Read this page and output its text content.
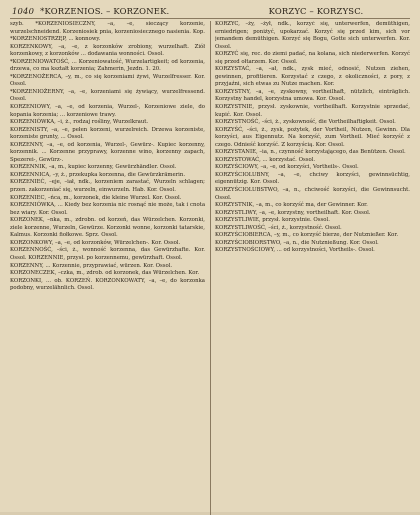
1040 *KORZENIOS. – KORZONEK.	KORZYC – KORZYSC.

szyb. *KORZENIOSIECZNY, –a, –e, sieczący korzenie, wurzelschneidend. Korzeniosiek pnia, korzeniosiecznego nasienia. Kop. *KORZENIOSTRZĘP, ... konnowy.

KORZENKOWY, –a, –e, z korzonków zrobiony, wurzelhaft. Ziół korzenkowy, z korzonków ... dodawania wonności. Ossol.

*KORZENIOWATOŚĆ, ... Korzeniowatość, Wurzelartigkeit; od korzenia, drzewa, co ma kształt korzenia; Zahmerin, Jezdn. 1. 20.

*KORZENOŻERCA, –y, m., co się korzeniami żywi, Wurzelfresser. Kor. Ossol.

*KORZENIOŻERNY, –a, –e, korzeniami się żywiący, wurzelfressend. Ossol.

KORZENIOWY, –a, –e, od korzenia, Wurzel-, Korzeniowe ziele, do kopania korzenia; ... korzeniowe trawy.

KORZENIÓWKA, –i, ż., rodzaj rośliny, Wurzelkraut.

KORZENISTY, –a, –e, pełen korzeni, wurzelreich. Drzewa korzeniste, korzeniste grunty, ... Ossol.

KORZENNY, –a, –e, od korzenia, Wurzel-, Gewürz-. Kupiec korzenny, korzennik. ... Korzenne przyprawy, korzenne wino, korzenny zapach, Spezerei-, Gewürz-.

KORZENNIK, –a, m., kupiec korzenny, Gewürzhändler. Ossol.

KORZENNICA, –y, ż., przekupka korzenna, die Gewürzkrämerin.

KORZENIEĆ, –eje, –iał, ndk., korzeniem zarastać, Wurzeln schlagen; przen. zakorzeniać się, wurzeln, einwurzeln. Hab. Kor. Ossol.

KORZENIEC, –ńca, m., korzonek, die kleine Wurzel. Kor. Ossol.

KORZENIÓWKA, ... Kiedy bez korzenia nic rosnąć nie może, tak i cnota bez wiary. Kor. Ossol.

KORZONEK, –nka, m., zdrobn. od korzeń, das Würzelchen. Korzonki, ziele korzenne, Wurzeln, Gewürze. Korzonki wonne, korzonki tatarskie, Kalmus. Korzonki fiołkowe. Sprz. Ossol.

KORZONKOWY, –a, –e, od korzonków, Würzelchen-. Kor. Ossol.

KORZENNOŚĆ, –ści, ż., wonność korzenna, das Gewürzhafte. Kor. Ossol. KORZENNIE, przysł. po korzennemu, gewürzhaft. Ossol.

KORZENNY, ... Korzennie, przyprawiać, würzen. Kor. Ossol.

KORZONECZEK, –czka, m., zdrob. od korzonek, das Würzelchen. Kor.

KORZONKI, ... ob. KORZEŃ. KORZONKOWATY, –a, –e, do korzonka podobny, wurzelähnlich. Ossol.

KORZYĆ, –ży, –żył, ndk., korzyć się, unterwerfen, demüthigen, erniedrigen; poniżyć, upokarzać. Korzyć się przed kim, sich vor jemandem demüthigen. Korzyć się Bogu, Gotte sich unterwerfen. Kor. Ossol.

KORZYĆ się, rec. do ziemi padać, na kolana, sich niederwerfen. Korzyć się przed ołtarzem. Kor. Ossol.

KORZYSTAĆ, –a, –ał, ndk., zysk mieć, odnosić, Nutzen ziehen, gewinnen, profitieren. Korzystać z czego, z okoliczności, z pory, z przyjaźni, sich etwas zu Nutze machen. Kor.

KORZYSTNY, –a, –e, zyskowny, vortheilhaft, nützlich, einträglich. Korzystny handel, korzystna umowa. Kor. Ossol.

KORZYSTNIE, przysł. zyskownie, vortheilhaft. Korzystnie sprzedać, kupić. Kor. Ossol.

KORZYSTNOŚĆ, –ści, ż., zyskowność, die Vortheilhaftigkeit. Ossol.

KORZYŚĆ, –ści, ż., zysk, pożytek, der Vortheil, Nutzen, Gewinn. Dla korzyści, aus Eigennutz. Na korzyść, zum Vortheil. Mieć korzyść z czego. Odnieść korzyść. Z korzyścią. Kor. Ossol.

KORZYSTANIE, –ia, n., czynność korzystającego, das Benützen. Ossol.

KORZYSTOWAĆ, ... korzystać. Ossol.

KORZYŚCIOWY, –a, –e, od korzyści, Vortheils-. Ossol.

KORZYŚCIOLUBNY, –a, –e, chciwy korzyści, gewinnsüchtig, eigennützig. Kor. Ossol.

KORZYŚCIOLUBSTWO, –a, n., chciwość korzyści, die Gewinnsucht. Ossol.

KORZYSTNIK, –a, m., co korzyść ma, der Gewinner. Kor.

KORZYSTLIWY, –a, –e, korzystny, vortheilhaft. Kor. Ossol.

KORZYSTLIWIE, przysł. korzystnie. Ossol.

KORZYSTLIWOŚĆ, –ści, ż., korzystność. Ossol.

KORZYŚCIOBIERCA, –y, m., co korzyść bierze, der Nutznießer. Kor.

KORZYŚCIOBIORSTWO, –a, n., die Nutznießung. Kor. Ossol.

KORZYSTNOŚCIOWY, ... od korzystności, Vortheils-. Ossol.
